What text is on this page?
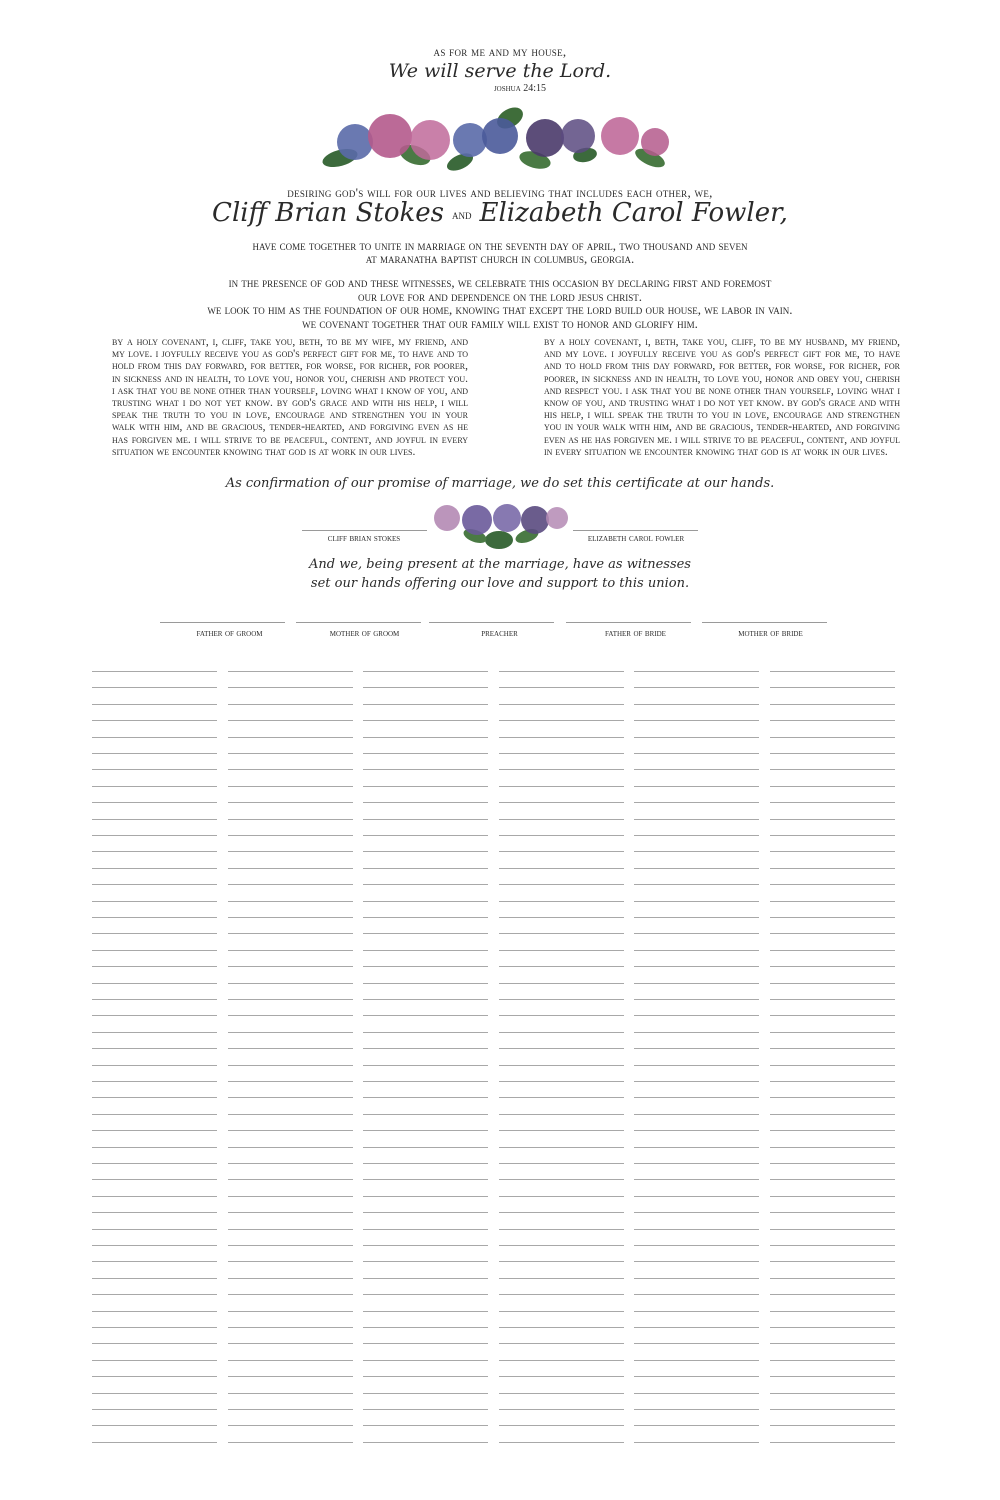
as for me and my house,
We will serve the Lord.
joshua 24:15
desiring god's will for our lives and believing that includes each other, we,
Cliff Brian Stokes and Elizabeth Carol Fowler,
have come together to unite in marriage on the seventh day of april, two thousand and seven
at maranatha baptist church in columbus, georgia.
in the presence of god and these witnesses, we celebrate this occasion by declaring first and foremost
our love for and dependence on the lord jesus christ.
we look to him as the foundation of our home, knowing that except the lord build our house, we labor in vain.
we covenant together that our family will exist to honor and glorify him.
by a holy covenant, i, cliff, take you, beth, to be my wife, my friend, and my love. i joyfully receive you as god's perfect gift for me, to have and to hold from this day forward, for better, for worse, for richer, for poorer, in sickness and in health, to love you, honor you, cherish and protect you. i ask that you be none other than yourself, loving what i know of you, and trusting what i do not yet know. by god's grace and with his help, i will speak the truth to you in love, encourage and strengthen you in your walk with him, and be gracious, tender-hearted, and forgiving even as he has forgiven me. i will strive to be peaceful, content, and joyful in every situation we encounter knowing that god is at work in our lives.
by a holy covenant, i, beth, take you, cliff, to be my husband, my friend, and my love. i joyfully receive you as god's perfect gift for me, to have and to hold from this day forward, for better, for worse, for richer, for poorer, in sickness and in health, to love you, honor and obey you, cherish and respect you. i ask that you be none other than yourself, loving what i know of you, and trusting what i do not yet know. by god's grace and with his help, i will speak the truth to you in love, encourage and strengthen you in your walk with him, and be gracious, tender-hearted, and forgiving even as he has forgiven me. i will strive to be peaceful, content, and joyful in every situation we encounter knowing that god is at work in our lives.
As confirmation of our promise of marriage, we do set this certificate at our hands.
cliff brian stokes	elizabeth carol fowler
And we, being present at the marriage, have as witnesses
set our hands offering our love and support to this union.
father of groom	mother of groom	preacher	father of bride	mother of bride
